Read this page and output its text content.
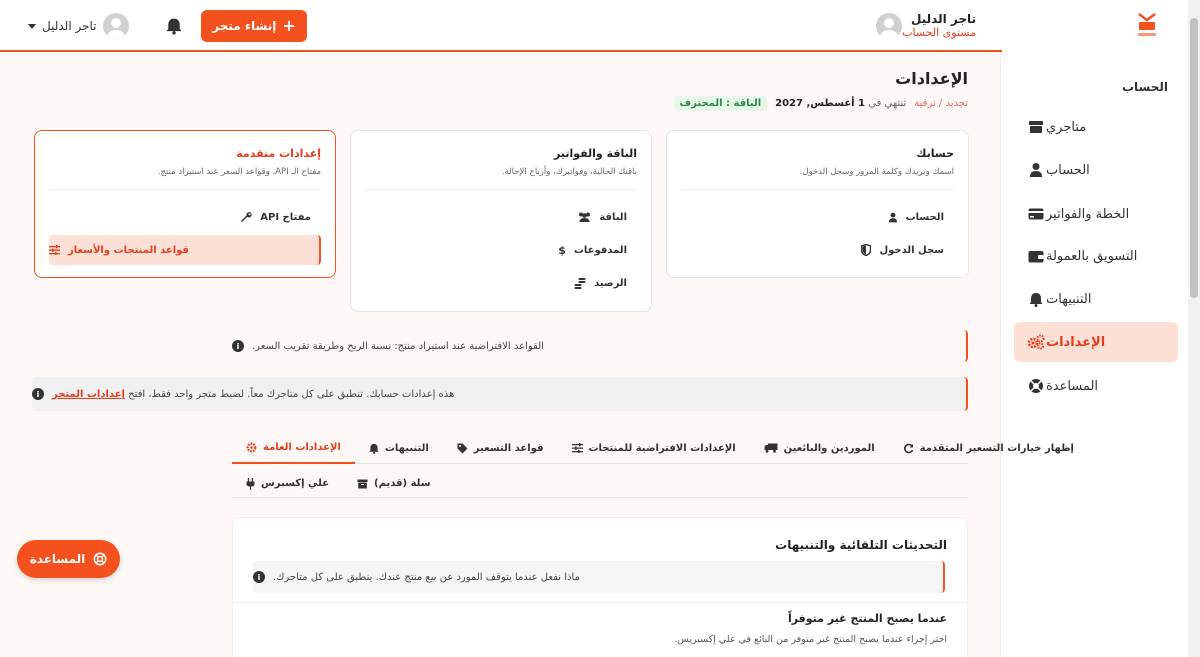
الحساب
متاجري
الحساب
الخطة والفواتير
التسويق بالعمولة
التنبيهات
الإعدادات
المساعدة
تاجر الدليل
مستوى الحساب
إنشاء متجر +
تاجر الدليل
الإعدادات
الباقة : المحترف	تنتهي في 1 أغسطس, 2027	تجديد / ترقية
حسابك
اسمك وبريدك وكلمة المرور وسجل الدخول.
الحساب
سجل الدخول
الباقة والفواتير
باقتك الحالية، وفواتيرك، وأرباح الإحالة.
الباقة
$ المدفوعات
الرصيد
إعدادات متقدمة
مفتاح الـ API، وقواعد السعر عند استيراد منتج.
مفتاح API
قواعد المنتجات والأسعار
i	القواعد الافتراضية عند استيراد منتج: نسبة الربح وطريقة تقريب السعر.
i	هذه إعدادات حسابك. تنطبق على كل متاجرك معاً. لضبط متجر واحد فقط، افتح إعدادات المتجر
الإعدادات العامة	التنبيهات	قواعد التسعير	الإعدادات الافتراضية للمنتجات	الموردين والبائعين	إظهار خيارات التسعير المتقدمة
علي إكسبرس	سلة (قديم)
التحديثات التلقائية والتنبيهات
i	ماذا نفعل عندما يتوقف المورد عن بيع منتج عندك. ينطبق على كل متاجرك.
عندما يصبح المنتج غير متوفراً
اختر إجراء عندما يصبح المنتج غير متوفر من البائع في علي إكسبريس.
المساعدة
